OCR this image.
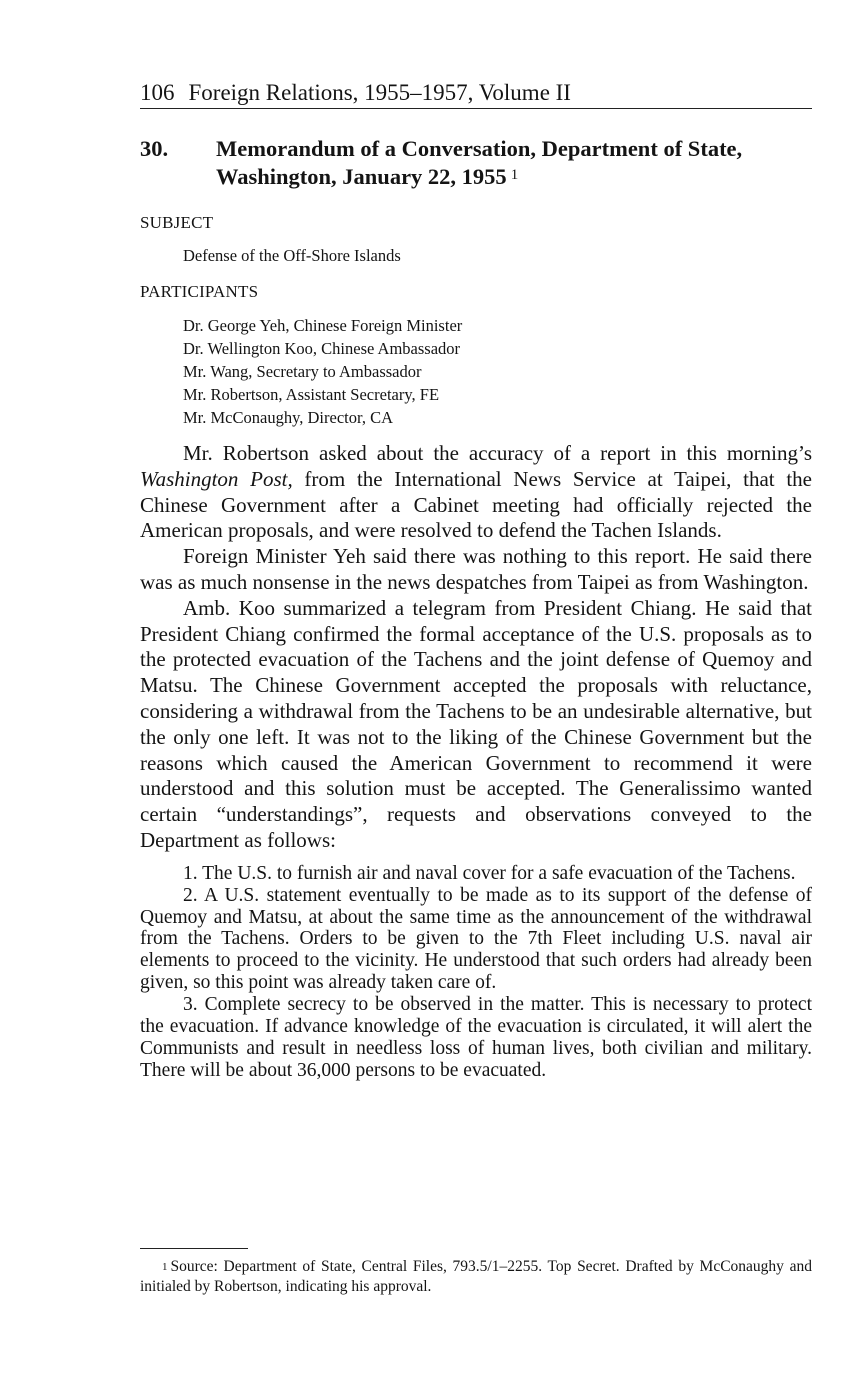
106 Foreign Relations, 1955–1957, Volume II
30. Memorandum of a Conversation, Department of State, Washington, January 22, 1955 $^1$
SUBJECT
Defense of the Off-Shore Islands
PARTICIPANTS
Dr. George Yeh, Chinese Foreign Minister
Dr. Wellington Koo, Chinese Ambassador
Mr. Wang, Secretary to Ambassador
Mr. Robertson, Assistant Secretary, FE
Mr. McConaughy, Director, CA

Mr. Robertson asked about the accuracy of a report in this morning’s Washington Post, from the International News Service at Taipei, that the Chinese Government after a Cabinet meeting had officially rejected the American proposals, and were resolved to defend the Tachen Islands.

Foreign Minister Yeh said there was nothing to this report. He said there was as much nonsense in the news despatches from Taipei as from Washington.

Amb. Koo summarized a telegram from President Chiang. He said that President Chiang confirmed the formal acceptance of the U.S. proposals as to the protected evacuation of the Tachens and the joint defense of Quemoy and Matsu. The Chinese Government accepted the proposals with reluctance, considering a withdrawal from the Tachens to be an undesirable alternative, but the only one left. It was not to the liking of the Chinese Government but the reasons which caused the American Government to recommend it were understood and this solution must be accepted. The Generalissimo wanted certain “understandings”, requests and observations conveyed to the Department as follows:

1. The U.S. to furnish air and naval cover for a safe evacuation of the Tachens.

2. A U.S. statement eventually to be made as to its support of the defense of Quemoy and Matsu, at about the same time as the announcement of the withdrawal from the Tachens. Orders to be given to the 7th Fleet including U.S. naval air elements to proceed to the vicinity. He understood that such orders had already been given, so this point was already taken care of.

3. Complete secrecy to be observed in the matter. This is necessary to protect the evacuation. If advance knowledge of the evacuation is circulated, it will alert the Communists and result in needless loss of human lives, both civilian and military. There will be about 36,000 persons to be evacuated.

$^1$ Source: Department of State, Central Files, 793.5/1–2255. Top Secret. Drafted by McConaughy and initialed by Robertson, indicating his approval.
